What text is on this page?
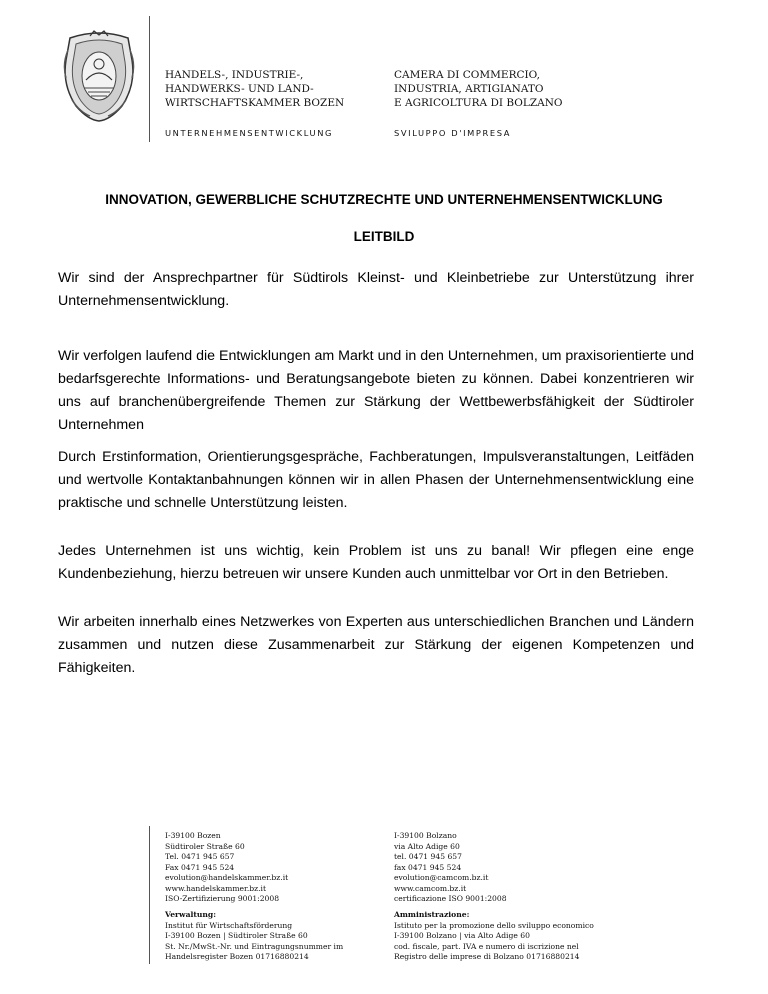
HANDELS-, INDUSTRIE-,
HANDWERKS- UND LAND-
WIRTSCHAFTSKAMMER BOZEN
CAMERA DI COMMERCIO,
INDUSTRIA, ARTIGIANATO
E AGRICOLTURA DI BOLZANO
UNTERNEHMENSENTWICKLUNG	SVILUPPO D'IMPRESA
INNOVATION, GEWERBLICHE SCHUTZRECHTE UND UNTERNEHMENSENTWICKLUNG
LEITBILD

Wir sind der Ansprechpartner für Südtirols Kleinst- und Kleinbetriebe zur Unterstützung ihrer Unternehmensentwicklung.

Wir verfolgen laufend die Entwicklungen am Markt und in den Unternehmen, um praxisorientierte und bedarfsgerechte Informations- und Beratungsangebote bieten zu können. Dabei konzentrieren wir uns auf branchenübergreifende Themen zur Stärkung der Wettbewerbsfähigkeit der Südtiroler Unternehmen

Durch Erstinformation, Orientierungsgespräche, Fachberatungen, Impulsveranstaltungen, Leitfäden und wertvolle Kontaktanbahnungen können wir in allen Phasen der Unternehmensentwicklung eine praktische und schnelle Unterstützung leisten.

Jedes Unternehmen ist uns wichtig, kein Problem ist uns zu banal! Wir pflegen eine enge Kundenbeziehung, hierzu betreuen wir unsere Kunden auch unmittelbar vor Ort in den Betrieben.

Wir arbeiten innerhalb eines Netzwerkes von Experten aus unterschiedlichen Branchen und Ländern zusammen und nutzen diese Zusammenarbeit zur Stärkung der eigenen Kompetenzen und Fähigkeiten.

I-39100 Bozen
Südtiroler Straße 60
Tel. 0471 945 657
Fax 0471 945 524
evolution@handelskammer.bz.it
www.handelskammer.bz.it
ISO-Zertifizierung 9001:2008
I-39100 Bolzano
via Alto Adige 60
tel. 0471 945 657
fax 0471 945 524
evolution@camcom.bz.it
www.camcom.bz.it
certificazione ISO 9001:2008
Verwaltung:
Institut für Wirtschaftsförderung
I-39100 Bozen | Südtiroler Straße 60
St. Nr./MwSt.-Nr. und Eintragungsnummer im
Handelsregister Bozen 01716880214
Amministrazione:
Istituto per la promozione dello sviluppo economico
I-39100 Bolzano | via Alto Adige 60
cod. fiscale, part. IVA e numero di iscrizione nel
Registro delle imprese di Bolzano 01716880214
